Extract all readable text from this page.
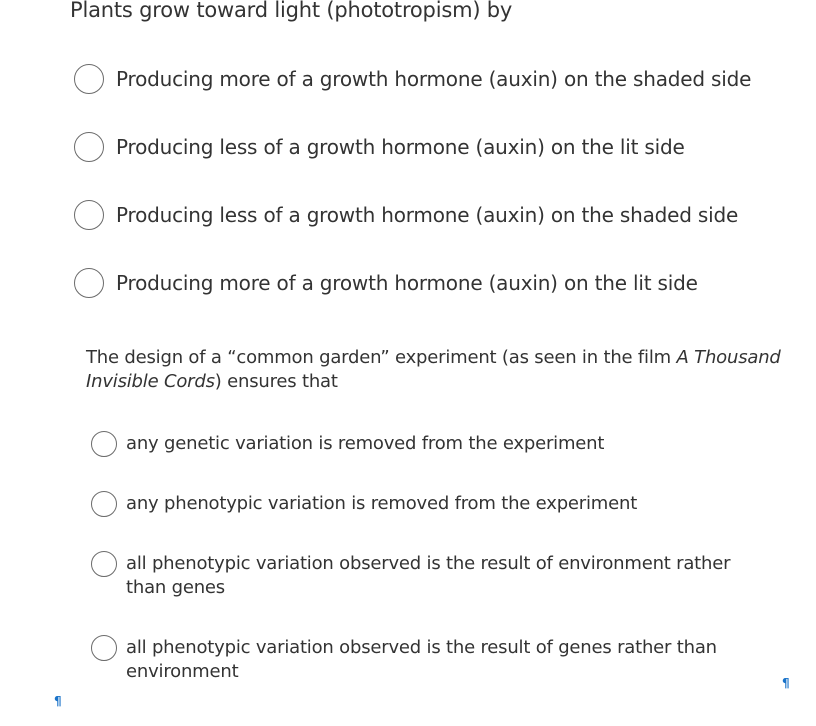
Plants grow toward light (phototropism) by
Producing more of a growth hormone (auxin) on the shaded side
Producing less of a growth hormone (auxin) on the lit side
Producing less of a growth hormone (auxin) on the shaded side
Producing more of a growth hormone (auxin) on the lit side
The design of a “common garden” experiment (as seen in the film A Thousand Invisible Cords) ensures that
any genetic variation is removed from the experiment
any phenotypic variation is removed from the experiment
all phenotypic variation observed is the result of environment rather than genes
all phenotypic variation observed is the result of genes rather than environment
¶
¶
